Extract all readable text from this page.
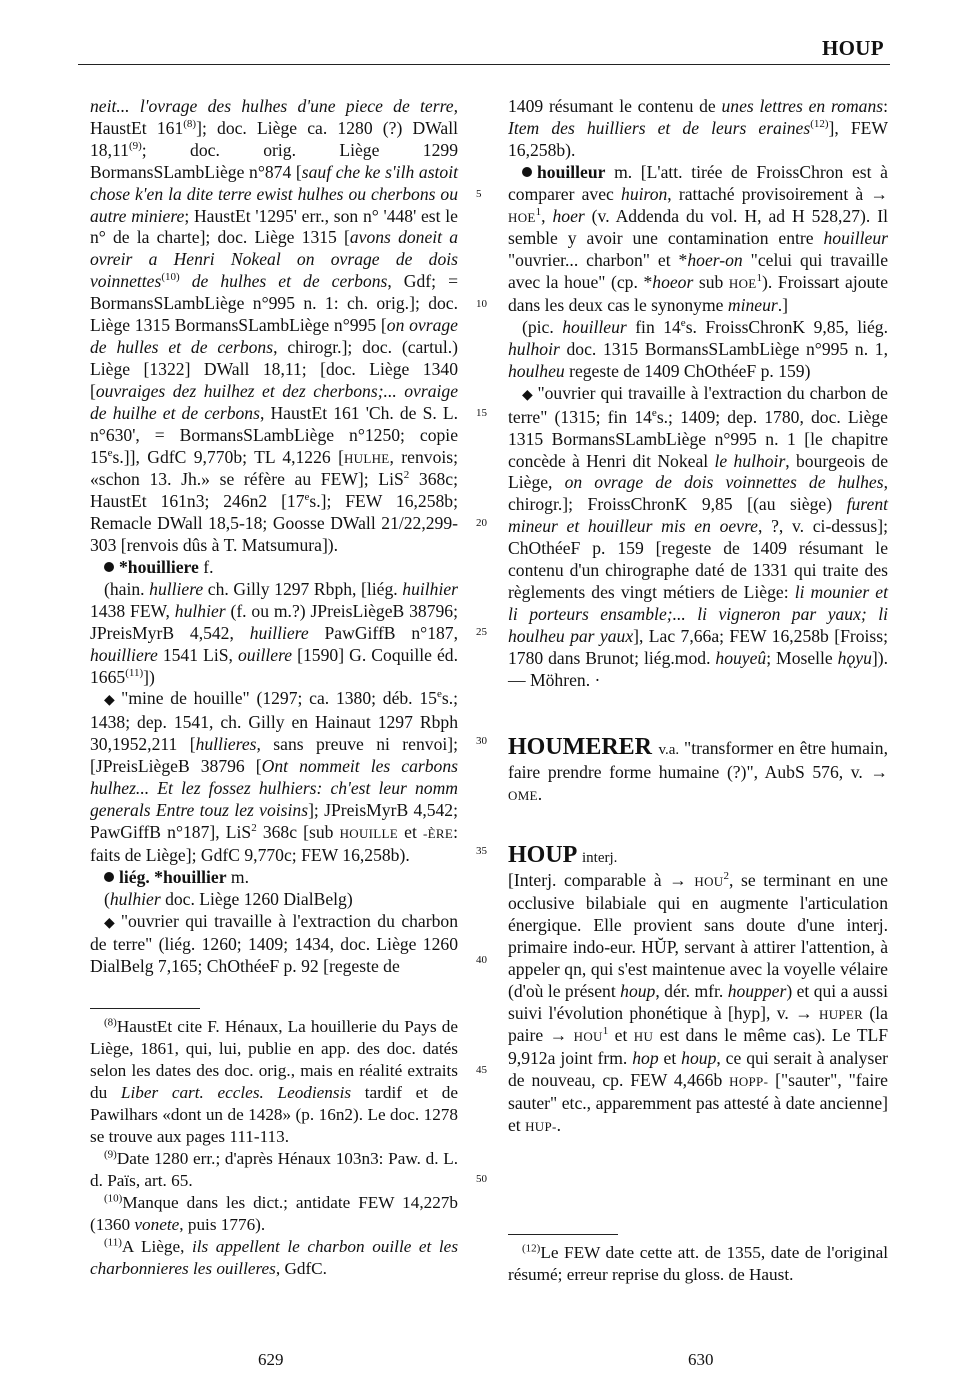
HOUP

neit... l'ovrage des hulhes d'une piece de terre, HaustEt 161$^{(8)}$]; doc. Liège ca. 1280 (?) DWall 18,11$^{(9)}$; doc. orig. Liège 1299 BormansSLambLiège n°874 [sauf che ke s'ilh astoit chose k'en la dite terre ewist hulhes ou cherbons ou autre miniere; HaustEt '1295' err., son n° '448' est le n° de la charte]; doc. Liège 1315 [avons doneit a ovreir a Henri Nokeal on ovrage de dois voinnettes$^{(10)}$ de hulhes et de cerbons, Gdf; = BormansSLambLiège n°995 n. 1: ch. orig.]; doc. Liège 1315 BormansSLambLiège n°995 [on ovrage de hulles et de cerbons, chirogr.]; doc. (cartul.) Liège [1322] DWall 18,11; [doc. Liège 1340 [ouvraiges dez huilhez et dez cherbons;... ovraige de huilhe et de cerbons, HaustEt 161 'Ch. de S. L. n°630', = BormansSLambLiège n°1250; copie 15es.]], GdfC 9,770b; TL 4,1226 [HULHE, renvois; «schon 13. Jh.» se réfère au FEW]; LiS$^2$ 368c; HaustEt 161n3; 246n2 [17es.]; FEW 16,258b; Remacle DWall 18,5-18; Goosse DWall 21/22,299-303 [renvois dûs à T. Matsumura]).

*houilliere f.

(hain. hulliere ch. Gilly 1297 Rbph, [liég. huilhier 1438 FEW, hulhier (f. ou m.?) JPreisLiègeB 38796; JPreisMyrB 4,542, huilliere PawGiffB n°187, houilliere 1541 LiS, ouillere [1590] G. Coquille éd. 1665$^{(11)}$])

◆ "mine de houille" (1297; ca. 1380; déb. 15es.; 1438; dep. 1541, ch. Gilly en Hainaut 1297 Rbph 30,1952,211 [hullieres, sans preuve ni renvoi]; [JPreisLiègeB 38796 [Ont nommeit les carbons hulhez... Et lez fossez hulhiers: ch'est leur nomm generals Entre touz lez voisins]; JPreisMyrB 4,542; PawGiffB n°187], LiS$^2$ 368c [sub HOUILLE et -ÈRE: faits de Liège]; GdfC 9,770c; FEW 16,258b).

liég. *houillier m.

(hulhier doc. Liège 1260 DialBelg)

◆ "ouvrier qui travaille à l'extraction du charbon de terre" (liég. 1260; 1409; 1434, doc. Liège 1260 DialBelg 7,165; ChOthéeF p. 92 [regeste de

5
10
15
20
25
30
35
40
45
50

$^{(8)}$HaustEt cite F. Hénaux, La houillerie du Pays de Liège, 1861, qui, lui, publie en app. des doc. datés selon les dates des doc. orig., mais en réalité extraits du Liber cart. eccles. Leodiensis tardif et de Pawilhars «dont un de 1428» (p. 16n2). Le doc. 1278 se trouve aux pages 111-113.

$^{(9)}$Date 1280 err.; d'après Hénaux 103n3: Paw. d. L. d. Païs, art. 65.

$^{(10)}$Manque dans les dict.; antidate FEW 14,227b (1360 vonete, puis 1776).

$^{(11)}$A Liège, ils appellent le charbon ouille et les charbonnieres les ouilleres, GdfC.

1409 résumant le contenu de unes lettres en romans: Item des huilliers et de leurs eraines$^{(12)}$], FEW 16,258b).

houilleur m. [L'att. tirée de FroissChron est à comparer avec huiron, rattaché provisoirement à → $HOE^1$, hoer (v. Addenda du vol. H, ad H 528,27). Il semble y avoir une contamination entre houilleur "ouvrier... charbon" et *hoer-on "celui qui travaille avec la houe" (cp. *hoeor sub HOE$^1$). Froissart ajoute dans les deux cas le synonyme mineur.]

(pic. houilleur fin 14es. FroissChronK 9,85, liég. hulhoir doc. 1315 BormansSLambLiège n°995 n. 1, houlheu regeste de 1409 ChOthéeF p. 159)

◆ "ouvrier qui travaille à l'extraction du charbon de terre" (1315; fin 14es.; 1409; dep. 1780, doc. Liège 1315 BormansSLambLiège n°995 n. 1 [le chapitre concède à Henri dit Nokeal le hulhoir, bourgeois de Liège, on ovrage de dois voinnettes de hulhes, chirogr.]; FroissChronK 9,85 [(au siège) furent mineur et houilleur mis en oevre, ?, v. ci-dessus]; ChOthéeF p. 159 [regeste de 1409 résumant le contenu d'un chirographe daté de 1331 qui traite des règlements des vingt métiers de Liège: li mounier et li porteurs ensamble;... li vigneron par yaux; li houlheu par yaux], Lac 7,66a; FEW 16,258b [Froiss; 1780 dans Brunot; liég.mod. houyeû; Moselle hǫyu]). — Möhren. ·

HOUMERER v.a. "transformer en être humain, faire prendre forme humaine (?)", AubS 576, v. → OME.

HOUP interj.

[Interj. comparable à → $HOU^2$, se terminant en une occlusive bilabiale qui en augmente l'articulation énergique. Elle provient sans doute d'une interj. primaire indo-eur. HŬP, servant à attirer l'attention, à appeler qn, qui s'est maintenue avec la voyelle vélaire (d'où le présent houp, dér. mfr. houpper) et qui a aussi suivi l'évolution phonétique à [hyp], v. → HUPER (la paire → $HOU^1$ et HU est dans le même cas). Le TLF 9,912a joint frm. hop et houp, ce qui serait à analyser de nouveau, cp. FEW 4,466b HOPP- ["sauter", "faire sauter" etc., apparemment pas attesté à date ancienne] et HUP-.

$^{(12)}$Le FEW date cette att. de 1355, date de l'original résumé; erreur reprise du gloss. de Haust.

629	630
